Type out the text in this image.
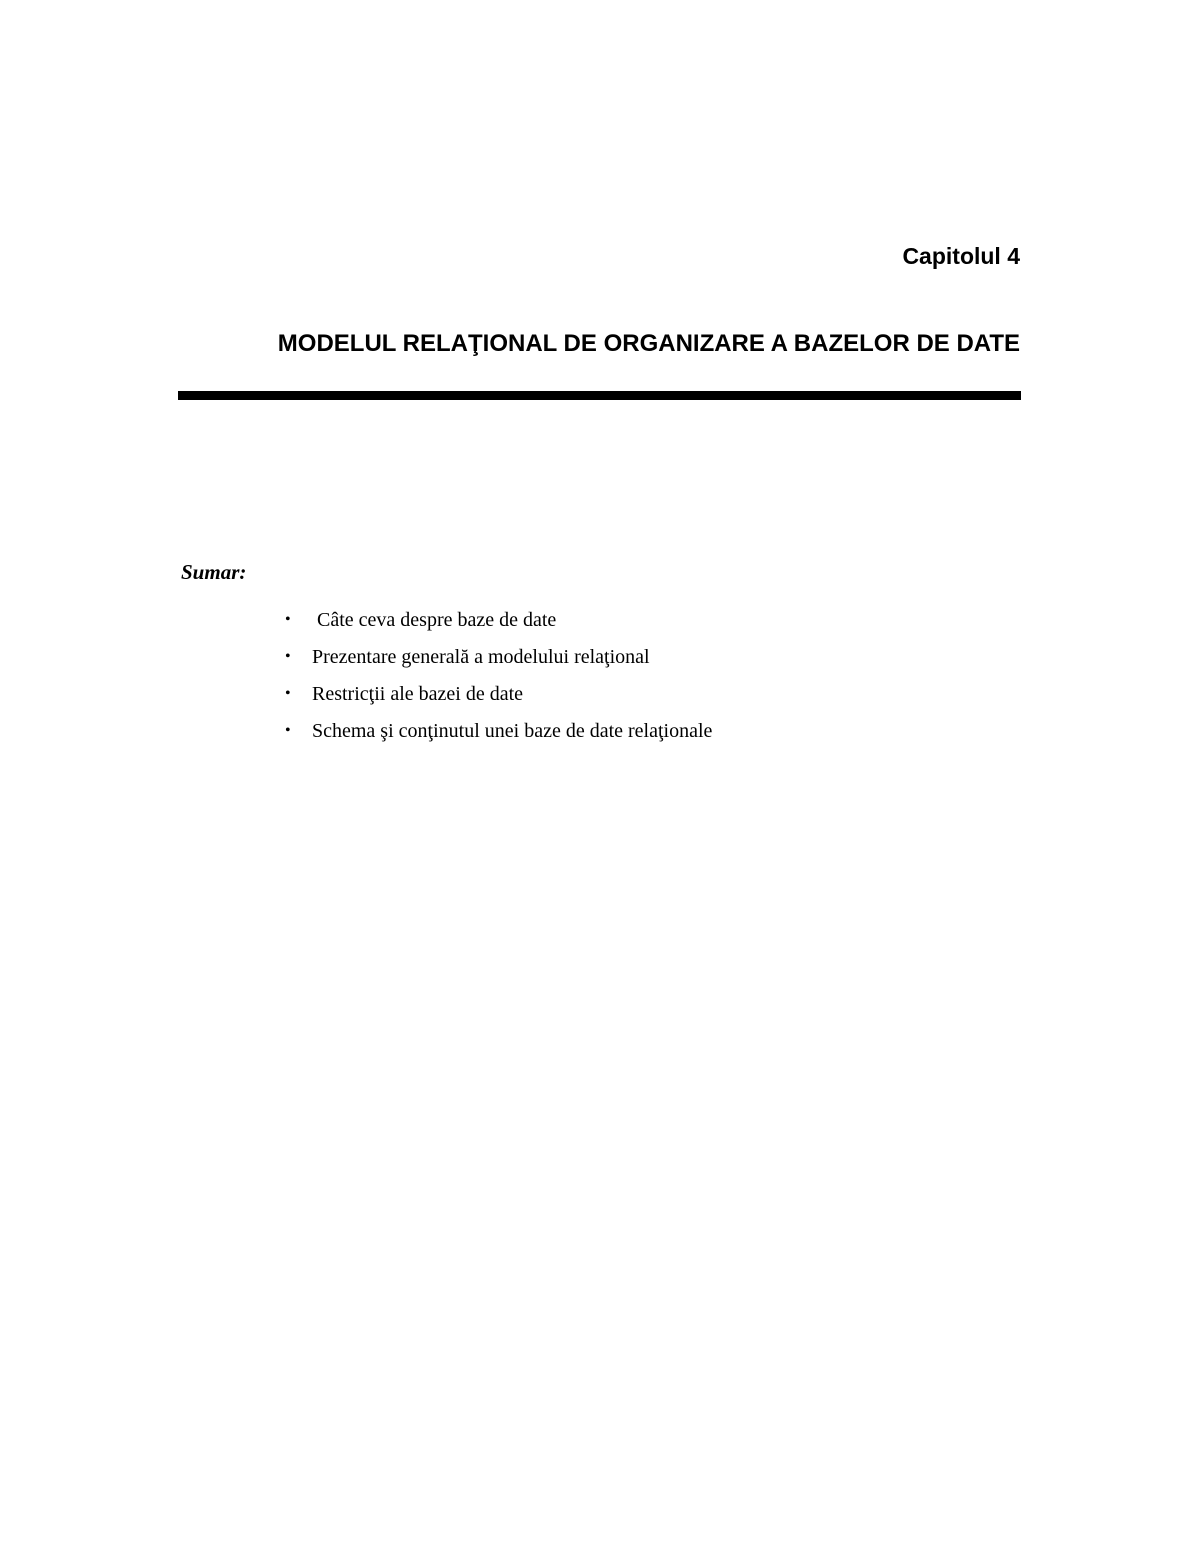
Capitolul 4
MODELUL RELAŢIONAL DE ORGANIZARE A BAZELOR DE DATE
Sumar:
•	Câte ceva despre baze de date
•	Prezentare generală a modelului relaţional
•	Restricţii ale bazei de date
•	Schema şi conţinutul unei baze de date relaţionale
